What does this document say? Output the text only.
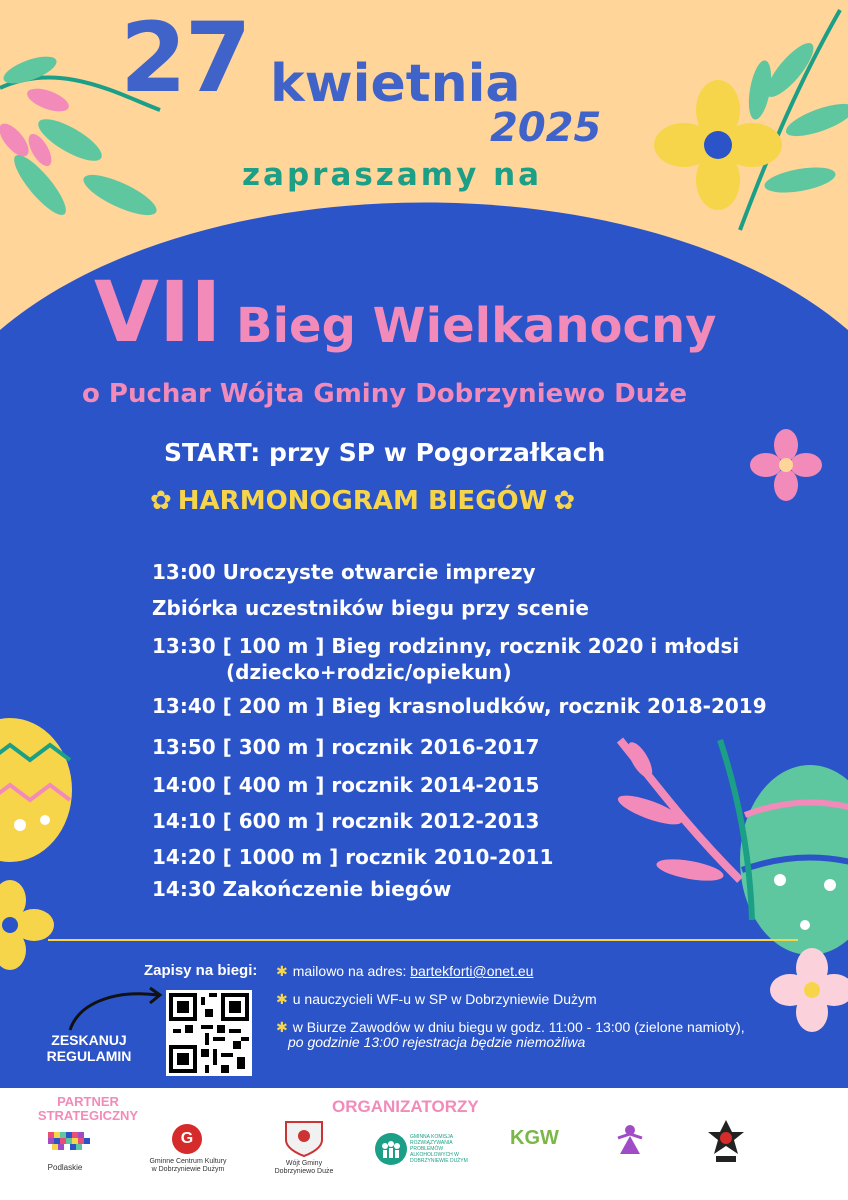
27 kwietnia
2025
zapraszamy na
VII Bieg Wielkanocny
o Puchar Wójta Gminy Dobrzyniewo Duże
START: przy SP w Pogorzałkach
✿ HARMONOGRAM BIEGÓW ✿
13:00 Uroczyste otwarcie imprezy
Zbiórka uczestników biegu przy scenie
13:30 [ 100 m ] Bieg rodzinny, rocznik 2020 i młodsi
(dziecko+rodzic/opiekun)
13:40 [ 200 m ] Bieg krasnoludków, rocznik 2018-2019
13:50 [ 300 m ] rocznik 2016-2017
14:00 [ 400 m ] rocznik 2014-2015
14:10 [ 600 m ] rocznik 2012-2013
14:20 [ 1000 m ] rocznik 2010-2011
14:30 Zakończenie biegów
Zapisy na biegi: ✱ mailowo na adres: bartekforti@onet.eu
✱ u nauczycieli WF-u w SP w Dobrzyniewie Dużym
✱ w Biurze Zawodów w dniu biegu w godz. 11:00 - 13:00 (zielone namioty),
po godzinie 13:00 rejestracja będzie niemożliwa
ZESKANUJ REGULAMIN
PARTNER STRATEGICZNY	ORGANIZATORZY
Podlaskie
G
Gminne Centrum Kultury w Dobrzyniewie Dużym
Wójt Gminy Dobrzyniewo Duże
GMINNA KOMISJA ROZWIĄZYWANIA PROBLEMÓW ALKOHOLOWYCH W DOBRZYNIEWIE DUŻYM
KGW
